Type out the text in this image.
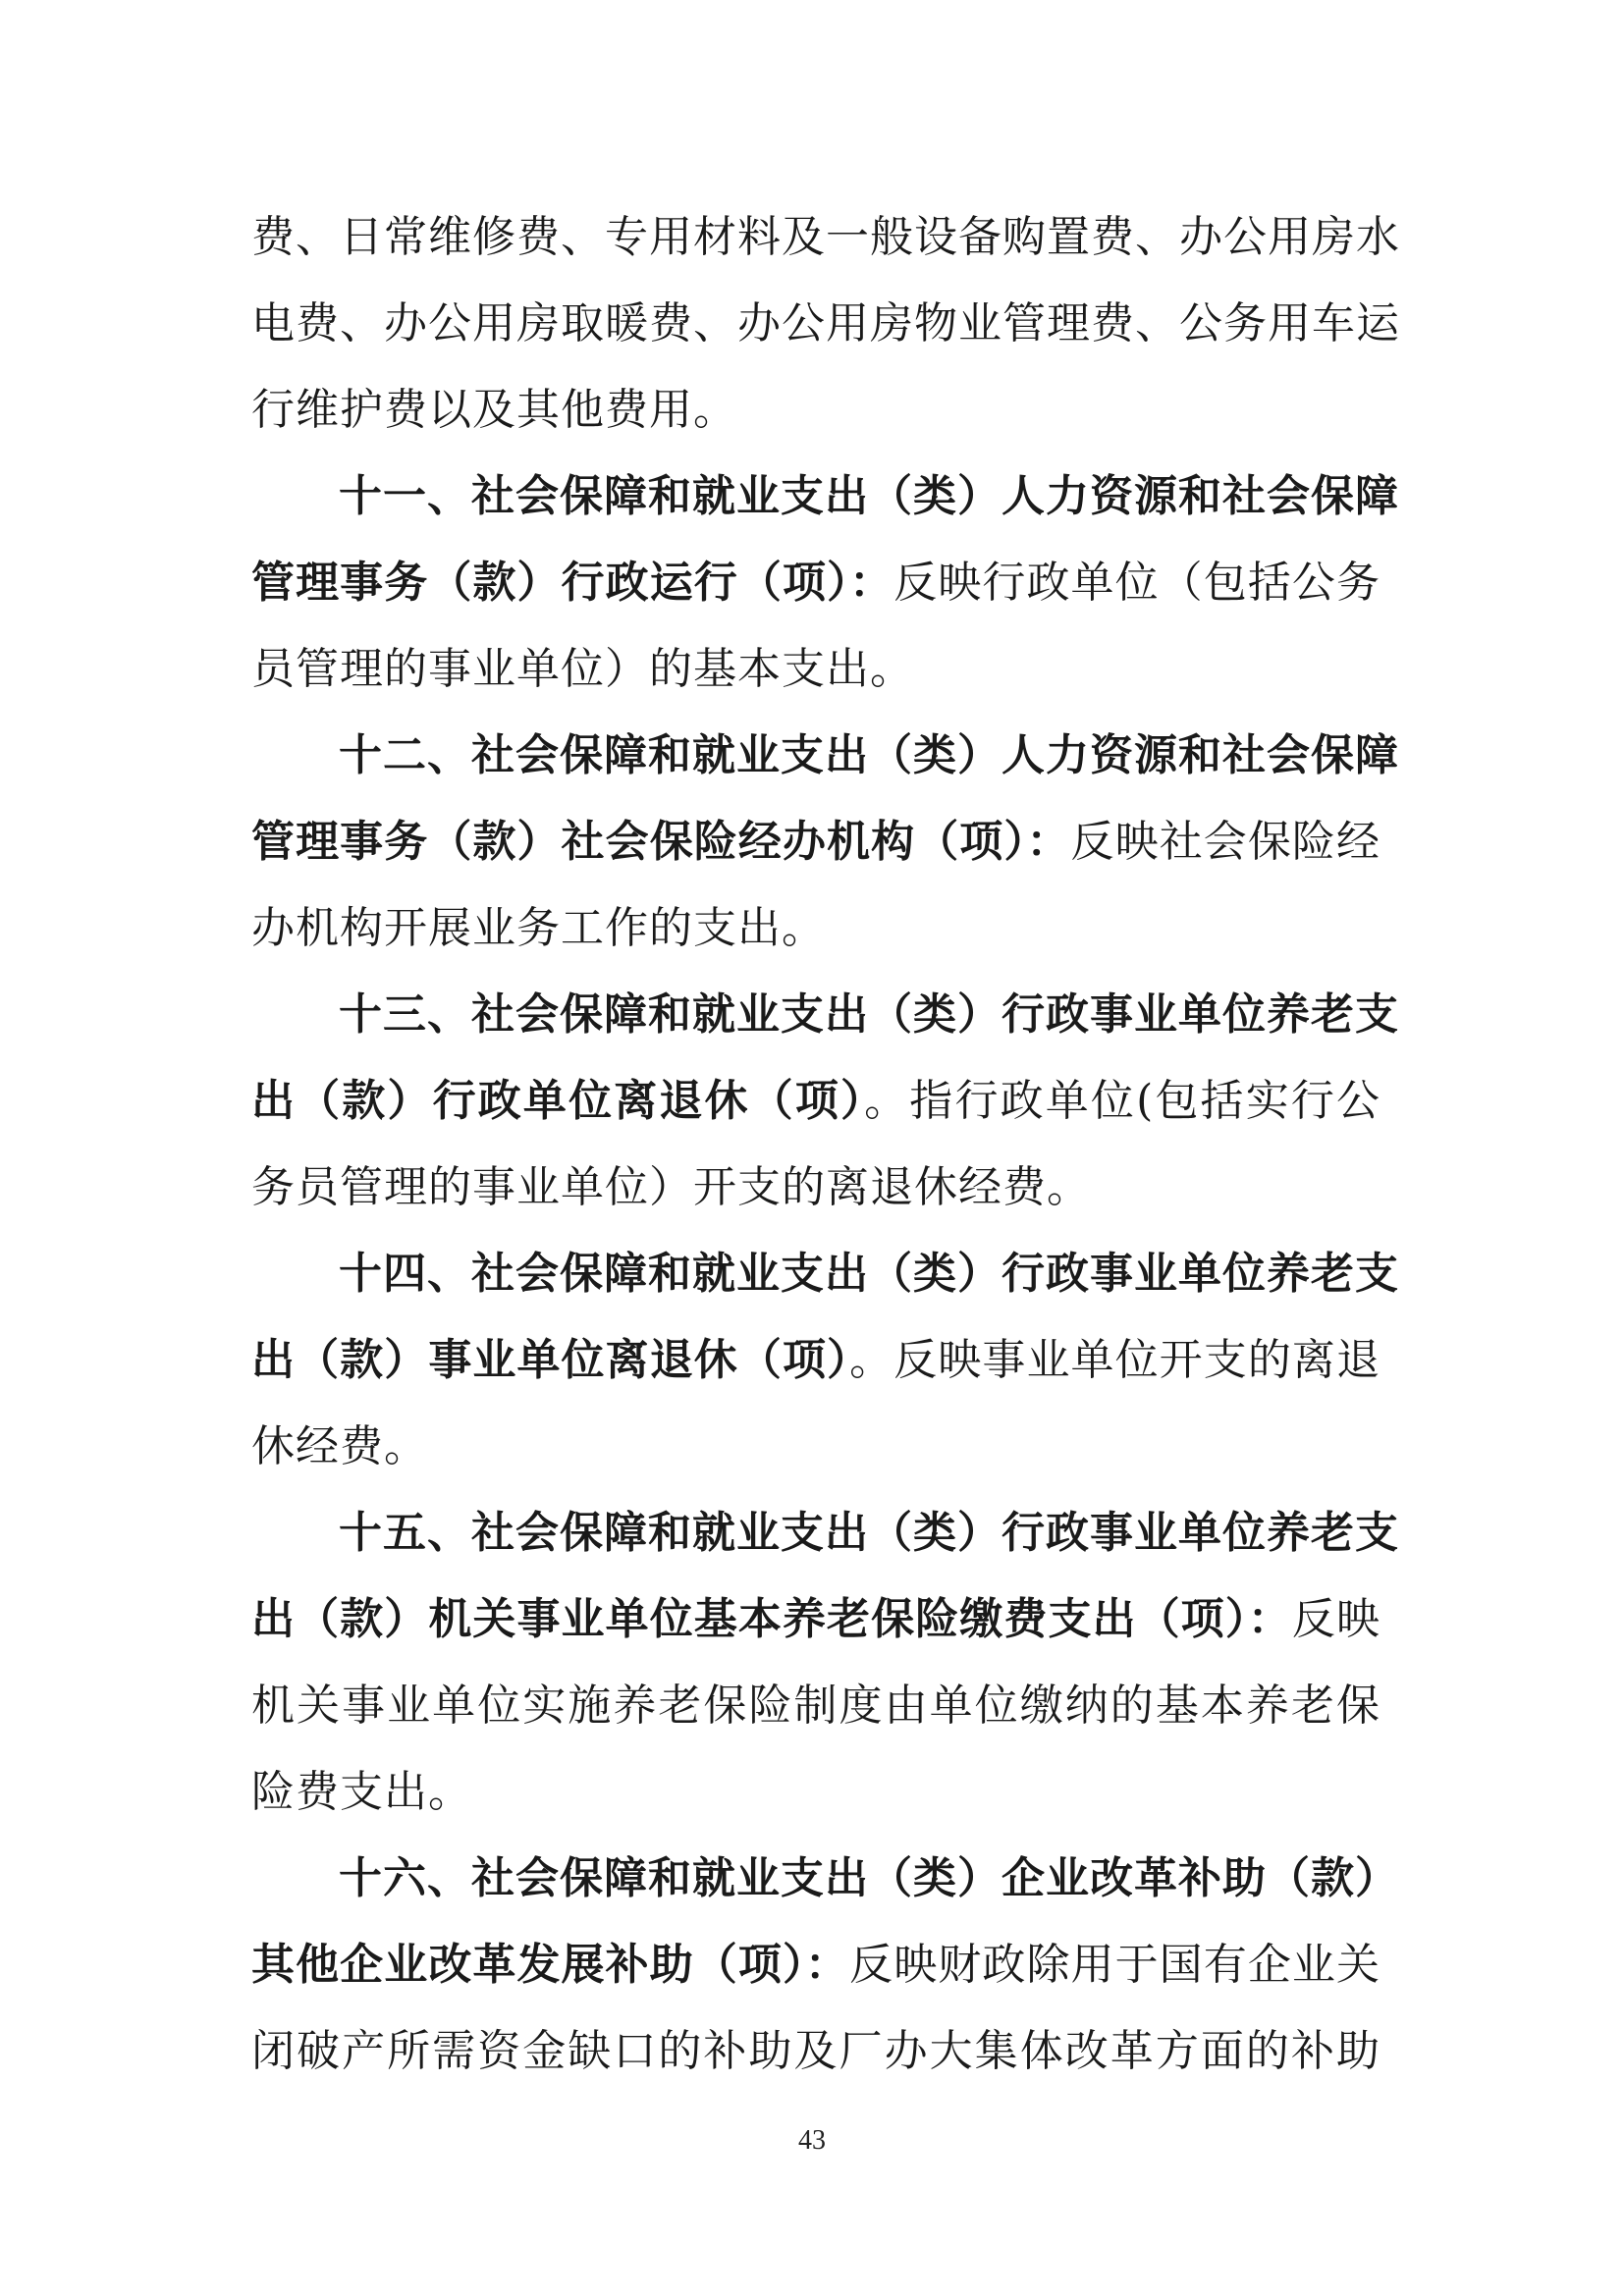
费、日常维修费、专用材料及一般设备购置费、办公用房水
电费、办公用房取暖费、办公用房物业管理费、公务用车运
行维护费以及其他费用。
十一、社会保障和就业支出（类）人力资源和社会保障
管理事务（款）行政运行（项）：反映行政单位（包括公务
员管理的事业单位）的基本支出。
十二、社会保障和就业支出（类）人力资源和社会保障
管理事务（款）社会保险经办机构（项）：反映社会保险经
办机构开展业务工作的支出。
十三、社会保障和就业支出（类）行政事业单位养老支
出（款）行政单位离退休（项）。指行政单位(包括实行公
务员管理的事业单位）开支的离退休经费。
十四、社会保障和就业支出（类）行政事业单位养老支
出（款）事业单位离退休（项）。反映事业单位开支的离退
休经费。
十五、社会保障和就业支出（类）行政事业单位养老支
出（款）机关事业单位基本养老保险缴费支出（项）：反映
机关事业单位实施养老保险制度由单位缴纳的基本养老保
险费支出。
十六、社会保障和就业支出（类）企业改革补助（款）
其他企业改革发展补助（项）：反映财政除用于国有企业关
闭破产所需资金缺口的补助及厂办大集体改革方面的补助
43
